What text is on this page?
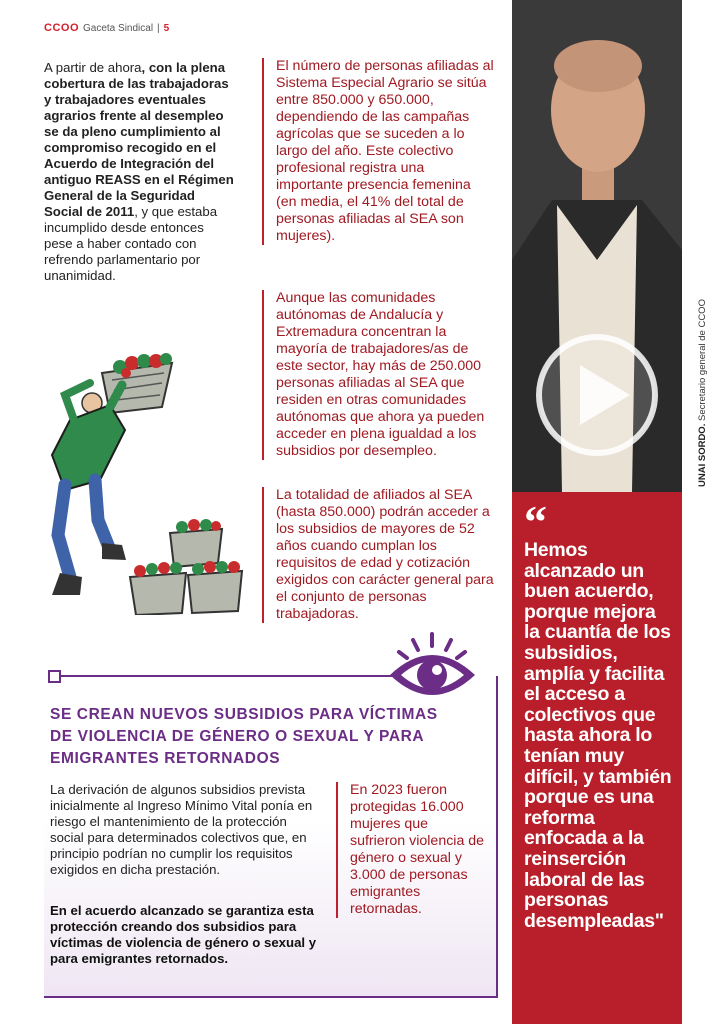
CCOO Gaceta Sindical | 5
A partir de ahora, con la plena cobertura de las trabajadoras y trabajadores eventuales agrarios frente al desempleo se da pleno cumplimiento al compromiso recogido en el Acuerdo de Integración del antiguo REASS en el Régimen General de la Seguridad Social de 2011, y que estaba incumplido desde entonces pese a haber contado con refrendo parlamentario por unanimidad.
El número de personas afiliadas al Sistema Especial Agrario se sitúa entre 850.000 y 650.000, dependiendo de las campañas agrícolas que se suceden a lo largo del año. Este colectivo profesional registra una importante presencia femenina (en media, el 41% del total de personas afiliadas al SEA son mujeres).
Aunque las comunidades autónomas de Andalucía y Extremadura concentran la mayoría de trabajadores/as de este sector, hay más de 250.000 personas afiliadas al SEA que residen en otras comunidades autónomas que ahora ya pueden acceder en plena igualdad a los subsidios por desempleo.
La totalidad de afiliados al SEA (hasta 850.000) podrán acceder a los subsidios de mayores de 52 años cuando cumplan los requisitos de edad y cotización exigidos con carácter general para el conjunto de personas trabajadoras.
UNAI SORDO. Secretario general de CCOO
“
Hemos alcanzado un buen acuerdo, porque mejora la cuantía de los subsidios, amplía y facilita el acceso a colectivos que hasta ahora lo tenían muy difícil, y también porque es una reforma enfocada a la reinserción laboral de las personas desempleadas"
SE CREAN NUEVOS SUBSIDIOS PARA VÍCTIMAS DE VIOLENCIA DE GÉNERO O SEXUAL Y PARA EMIGRANTES RETORNADOS
La derivación de algunos subsidios prevista inicialmente al Ingreso Mínimo Vital ponía en riesgo el mantenimiento de la protección social para determinados colectivos que, en principio podrían no cumplir los requisitos exigidos en dicha prestación.
En el acuerdo alcanzado se garantiza esta protección creando dos subsidios para víctimas de violencia de género o sexual y para emigrantes retornados.
En 2023 fueron protegidas 16.000 mujeres que sufrieron violencia de género o sexual y 3.000 de personas emigrantes retornadas.
